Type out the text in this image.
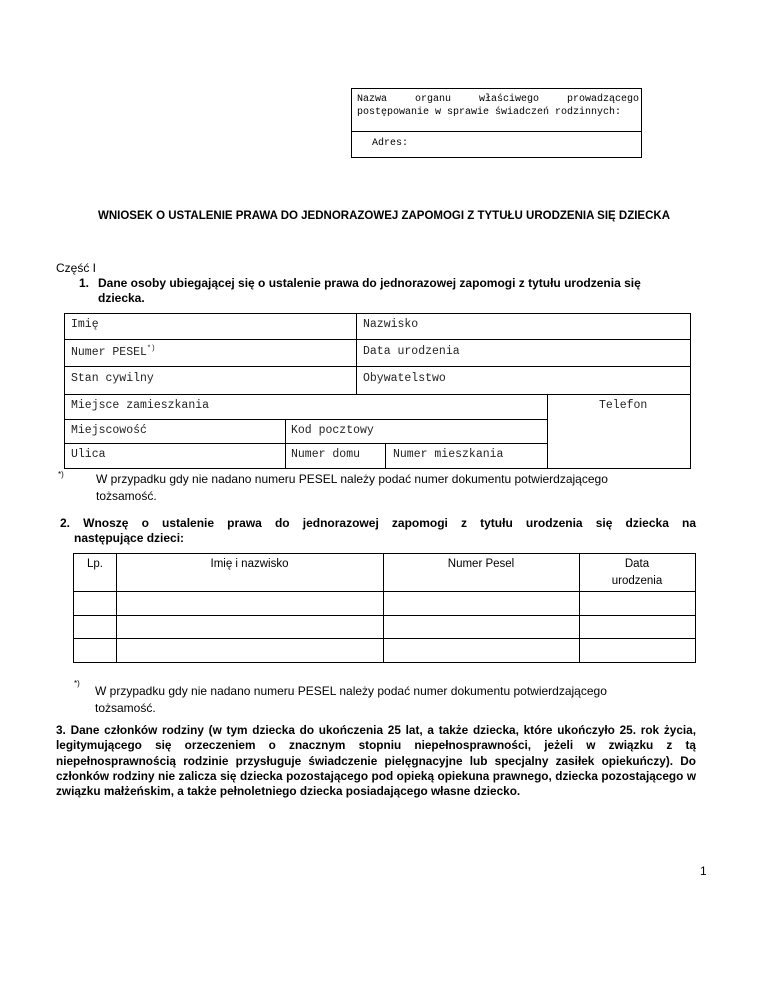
Nazwa organu właściwego prowadzącego postępowanie w sprawie świadczeń rodzinnych:
Adres:
WNIOSEK O USTALENIE PRAWA DO JEDNORAZOWEJ ZAPOMOGI Z TYTUŁU URODZENIA SIĘ DZIECKA
Część I
1. Dane osoby ubiegającej się o ustalenie prawa do jednorazowej zapomogi z tytułu urodzenia się dziecka.
Imię	Nazwisko
Numer PESEL*)	Data urodzenia
Stan cywilny	Obywatelstwo
Miejsce zamieszkania	Telefon
Miejscowość	Kod pocztowy
Ulica	Numer domu	Numer mieszkania
*)	W przypadku gdy nie nadano numeru PESEL należy podać numer dokumentu potwierdzającego
tożsamość.
2. Wnoszę o ustalenie prawa do jednorazowej zapomogi z tytułu urodzenia się dziecka na
następujące dzieci:
Lp.	Imię i nazwisko	Numer Pesel	Data
urodzenia
*)
W przypadku gdy nie nadano numeru PESEL należy podać numer dokumentu potwierdzającego
tożsamość.
3. Dane członków rodziny (w tym dziecka do ukończenia 25 lat, a także dziecka, które ukończyło 25. rok życia, legitymującego się orzeczeniem o znacznym stopniu niepełnosprawności, jeżeli w związku z tą niepełnosprawnością rodzinie przysługuje świadczenie pielęgnacyjne lub specjalny zasiłek opiekuńczy). Do członków rodziny nie zalicza się dziecka pozostającego pod opieką opiekuna prawnego, dziecka pozostającego w związku małżeńskim, a także pełnoletniego dziecka posiadającego własne dziecko.
1
